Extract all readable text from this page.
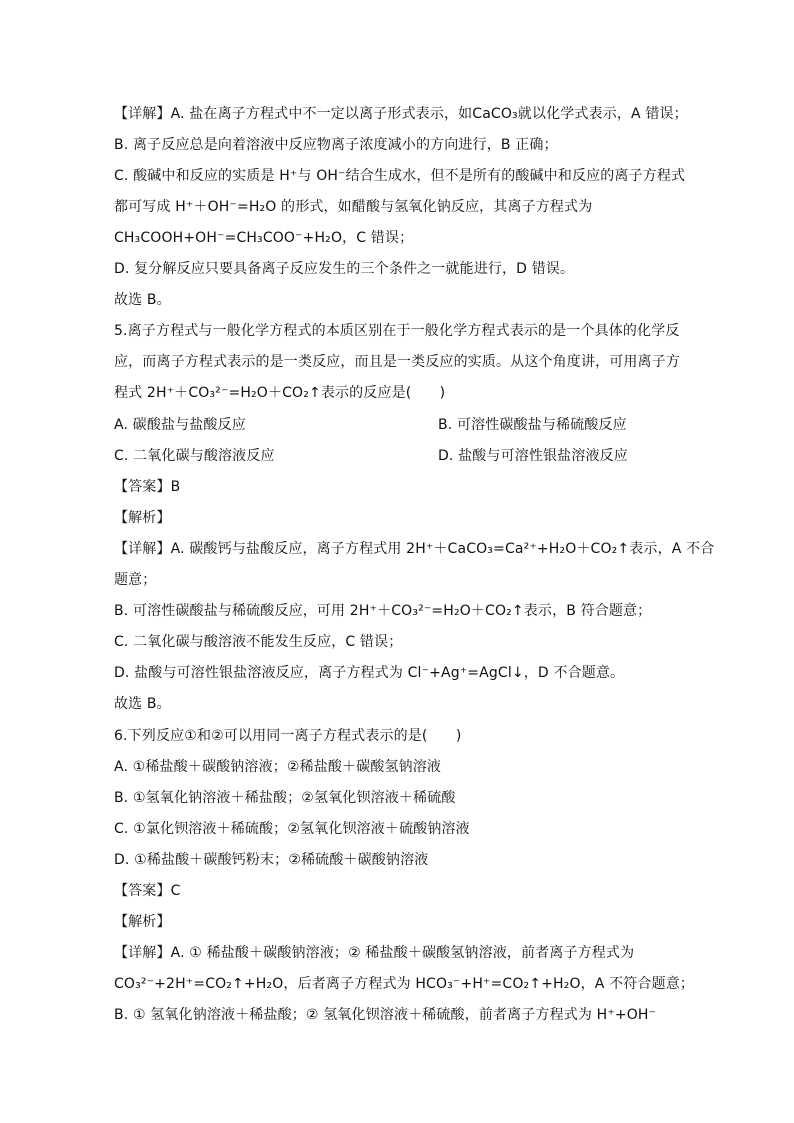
【详解】A. 盐在离子方程式中不一定以离子形式表示，如CaCO₃就以化学式表示，A 错误；
B. 离子反应总是向着溶液中反应物离子浓度减小的方向进行，B 正确；
C. 酸碱中和反应的实质是 H⁺与 OH⁻结合生成水，但不是所有的酸碱中和反应的离子方程式
都可写成 H⁺＋OH⁻=H₂O 的形式，如醋酸与氢氧化钠反应，其离子方程式为
CH₃COOH+OH⁻=CH₃COO⁻+H₂O，C 错误；
D. 复分解反应只要具备离子反应发生的三个条件之一就能进行，D 错误。
故选 B。
5.离子方程式与一般化学方程式的本质区别在于一般化学方程式表示的是一个具体的化学反
应，而离子方程式表示的是一类反应，而且是一类反应的实质。从这个角度讲，可用离子方
程式 2H⁺＋CO₃²⁻=H₂O＋CO₂↑表示的反应是(　　)
A. 碳酸盐与盐酸反应	B. 可溶性碳酸盐与稀硫酸反应
C. 二氧化碳与酸溶液反应	D. 盐酸与可溶性银盐溶液反应
【答案】B
【解析】
【详解】A. 碳酸钙与盐酸反应，离子方程式用 2H⁺＋CaCO₃=Ca²⁺+H₂O＋CO₂↑表示，A 不合
题意；
B. 可溶性碳酸盐与稀硫酸反应，可用 2H⁺＋CO₃²⁻=H₂O＋CO₂↑表示，B 符合题意；
C. 二氧化碳与酸溶液不能发生反应，C 错误；
D. 盐酸与可溶性银盐溶液反应，离子方程式为 Cl⁻+Ag⁺=AgCl↓，D 不合题意。
故选 B。
6.下列反应①和②可以用同一离子方程式表示的是(　　)
A. ①稀盐酸＋碳酸钠溶液；②稀盐酸＋碳酸氢钠溶液
B. ①氢氧化钠溶液＋稀盐酸；②氢氧化钡溶液＋稀硫酸
C. ①氯化钡溶液＋稀硫酸；②氢氧化钡溶液＋硫酸钠溶液
D. ①稀盐酸＋碳酸钙粉末；②稀硫酸＋碳酸钠溶液
【答案】C
【解析】
【详解】A. ① 稀盐酸＋碳酸钠溶液；② 稀盐酸＋碳酸氢钠溶液，前者离子方程式为
CO₃²⁻+2H⁺=CO₂↑+H₂O，后者离子方程式为 HCO₃⁻+H⁺=CO₂↑+H₂O，A 不符合题意；
B. ① 氢氧化钠溶液＋稀盐酸；② 氢氧化钡溶液＋稀硫酸，前者离子方程式为 H⁺+OH⁻
